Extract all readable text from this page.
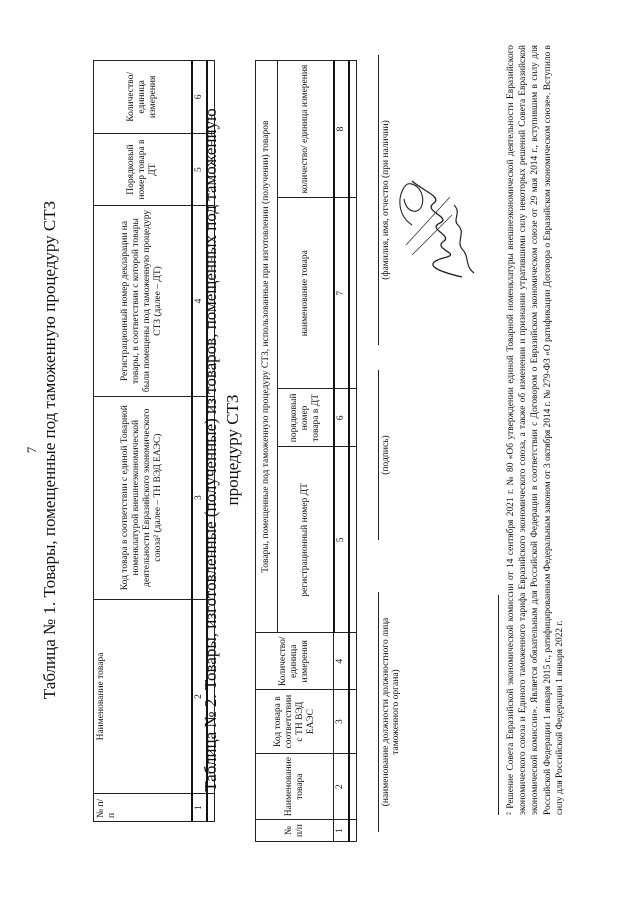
7 Таблица № 1. Товары, помещенные под таможенную процедуру СТЗ
№ п/п	Наименование товара	Код товара в соответствии с единой Товарной номенклатурой внешнеэкономической деятельности Евразийского экономического союза² (далее – ТН ВЭД ЕАЭС)	Регистрационный номер декларации на товары, в соответствии с которой товары были помещены под таможенную процедуру СТЗ (далее – ДТ)	Порядковый номер товара в ДТ	Количество/ единица измерения
1	2	3	4	5	6

Таблица № 2. Товары, изготовленные (полученные) из товаров, помещенных под таможенную процедуру СТЗ
№ п/п	Наименование товара	Код товара в соответствии с ТН ВЭД ЕАЭС	Количество/ единица измерения	Товары, помещенные под таможенную процедуру СТЗ, использованные при изготовлении (получении) товаров			
				регистрационный номер ДТ	порядковый номер товара в ДТ	наименование товара	количество/ единица измерения
1	2	3	4	5	6	7	8

(наименование должности должностного лица таможенного органа)
(подпись)
(фамилия, имя, отчество (при наличии)	² Решение Совета Евразийской экономической комиссии от 14 сентября 2021 г. № 80 «Об утверждении единой Товарной номенклатуры внешнеэкономической деятельности Евразийского экономического союза и Единого таможенного тарифа Евразийского экономического союза, а также об изменении и признании утратившими силу некоторых решений Совета Евразийской экономической комиссии». Является обязательным для Российской Федерации в соответствии с Договором о Евразийском экономическом союзе от 29 мая 2014 г., вступившим в силу для Российской Федерации 1 января 2015 г., ратифицированным Федеральным законом от 3 октября 2014 г. № 279-ФЗ «О ратификации Договора о Евразийском экономическом союзе». Вступило в силу для Российской Федерации 1 января 2022 г.
